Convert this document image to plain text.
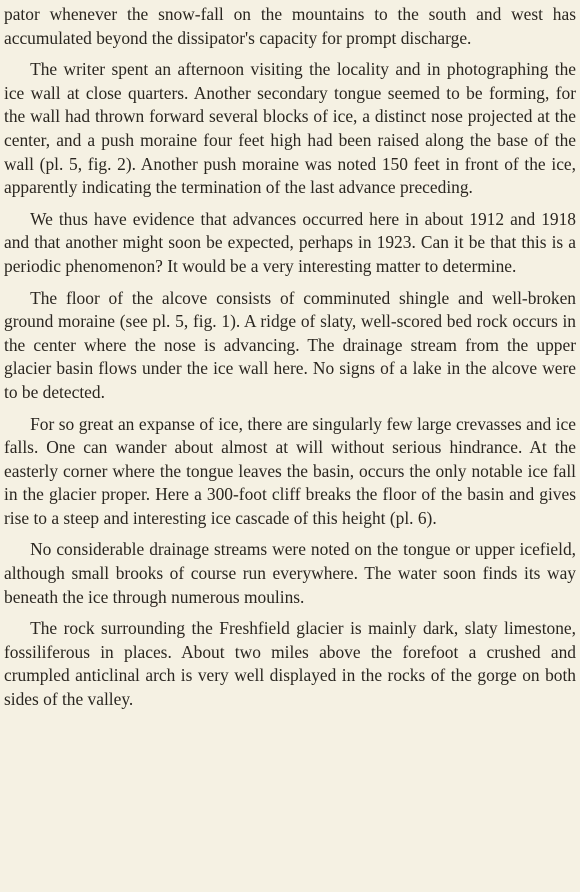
pator whenever the snow-fall on the mountains to the south and west has accumulated beyond the dissipator's capacity for prompt discharge.

The writer spent an afternoon visiting the locality and in photographing the ice wall at close quarters. Another secondary tongue seemed to be forming, for the wall had thrown forward several blocks of ice, a distinct nose projected at the center, and a push moraine four feet high had been raised along the base of the wall (pl. 5, fig. 2). Another push moraine was noted 150 feet in front of the ice, apparently indicating the termination of the last advance preceding.

We thus have evidence that advances occurred here in about 1912 and 1918 and that another might soon be expected, perhaps in 1923. Can it be that this is a periodic phenomenon? It would be a very interesting matter to determine.

The floor of the alcove consists of comminuted shingle and well-broken ground moraine (see pl. 5, fig. 1). A ridge of slaty, well-scored bed rock occurs in the center where the nose is advancing. The drainage stream from the upper glacier basin flows under the ice wall here. No signs of a lake in the alcove were to be detected.

For so great an expanse of ice, there are singularly few large crevasses and ice falls. One can wander about almost at will without serious hindrance. At the easterly corner where the tongue leaves the basin, occurs the only notable ice fall in the glacier proper. Here a 300-foot cliff breaks the floor of the basin and gives rise to a steep and interesting ice cascade of this height (pl. 6).

No considerable drainage streams were noted on the tongue or upper icefield, although small brooks of course run everywhere. The water soon finds its way beneath the ice through numerous moulins.

The rock surrounding the Freshfield glacier is mainly dark, slaty limestone, fossiliferous in places. About two miles above the forefoot a crushed and crumpled anticlinal arch is very well displayed in the rocks of the gorge on both sides of the valley.
